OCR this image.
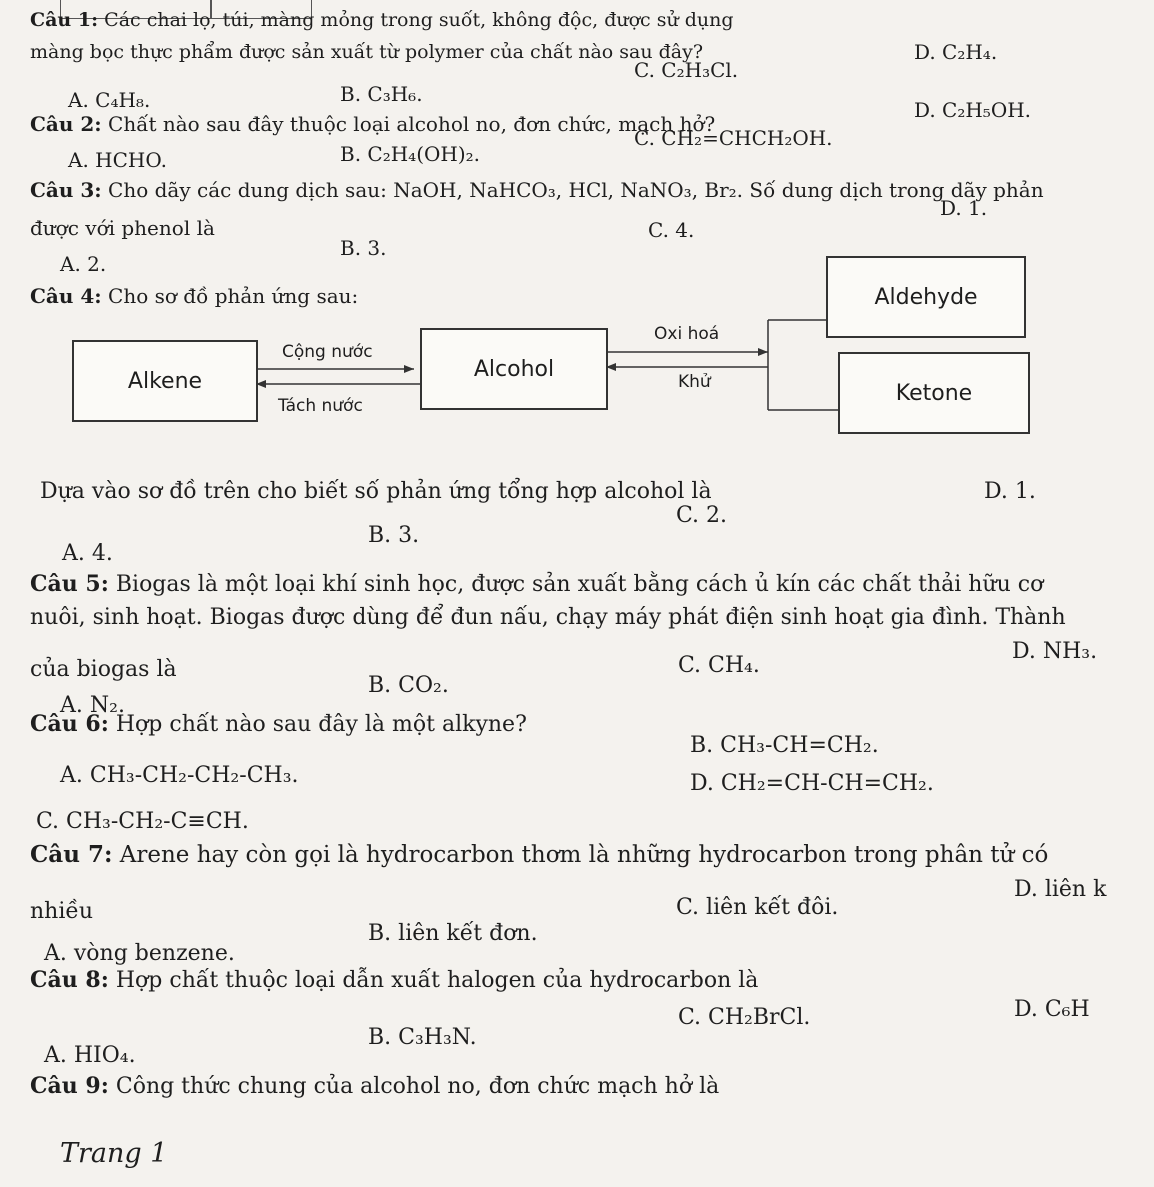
Câu 1: Các chai lọ, túi, màng mỏng trong suốt, không độc, được sử dụng
màng bọc thực phẩm được sản xuất từ polymer của chất nào sau đây?	D. C₂H₄.
C. C₂H₃Cl.
A. C₄H₈.	B. C₃H₆.
Câu 2: Chất nào sau đây thuộc loại alcohol no, đơn chức, mạch hở?
D. C₂H₅OH.
C. CH₂=CHCH₂OH.
A. HCHO.	B. C₂H₄(OH)₂.
Câu 3: Cho dãy các dung dịch sau: NaOH, NaHCO₃, HCl, NaNO₃, Br₂. Số dung dịch trong dãy phản
D. 1.
được với phenol là	C. 4.
B. 3.
A. 2.
Câu 4: Cho sơ đồ phản ứng sau:
Alkene	Alcohol
Aldehyde
Ketone
Cộng nước
Tách nước
Oxi hoá
Khử
Dựa vào sơ đồ trên cho biết số phản ứng tổng hợp alcohol là	D. 1.
C. 2.
B. 3.
A. 4.
Câu 5: Biogas là một loại khí sinh học, được sản xuất bằng cách ủ kín các chất thải hữu cơ
nuôi, sinh hoạt. Biogas được dùng để đun nấu, chạy máy phát điện sinh hoạt gia đình. Thành
D. NH₃.
của biogas là	C. CH₄.
B. CO₂.
A. N₂.
Câu 6: Hợp chất nào sau đây là một alkyne?
B. CH₃-CH=CH₂.
A. CH₃-CH₂-CH₂-CH₃.	D. CH₂=CH-CH=CH₂.
C. CH₃-CH₂-C≡CH.
Câu 7: Arene hay còn gọi là hydrocarbon thơm là những hydrocarbon trong phân tử có
D. liên k
nhiều	C. liên kết đôi.
B. liên kết đơn.
A. vòng benzene.
Câu 8: Hợp chất thuộc loại dẫn xuất halogen của hydrocarbon là
D. C₆H
C. CH₂BrCl.
B. C₃H₃N.
A. HIO₄.
Câu 9: Công thức chung của alcohol no, đơn chức mạch hở là
Trang 1
